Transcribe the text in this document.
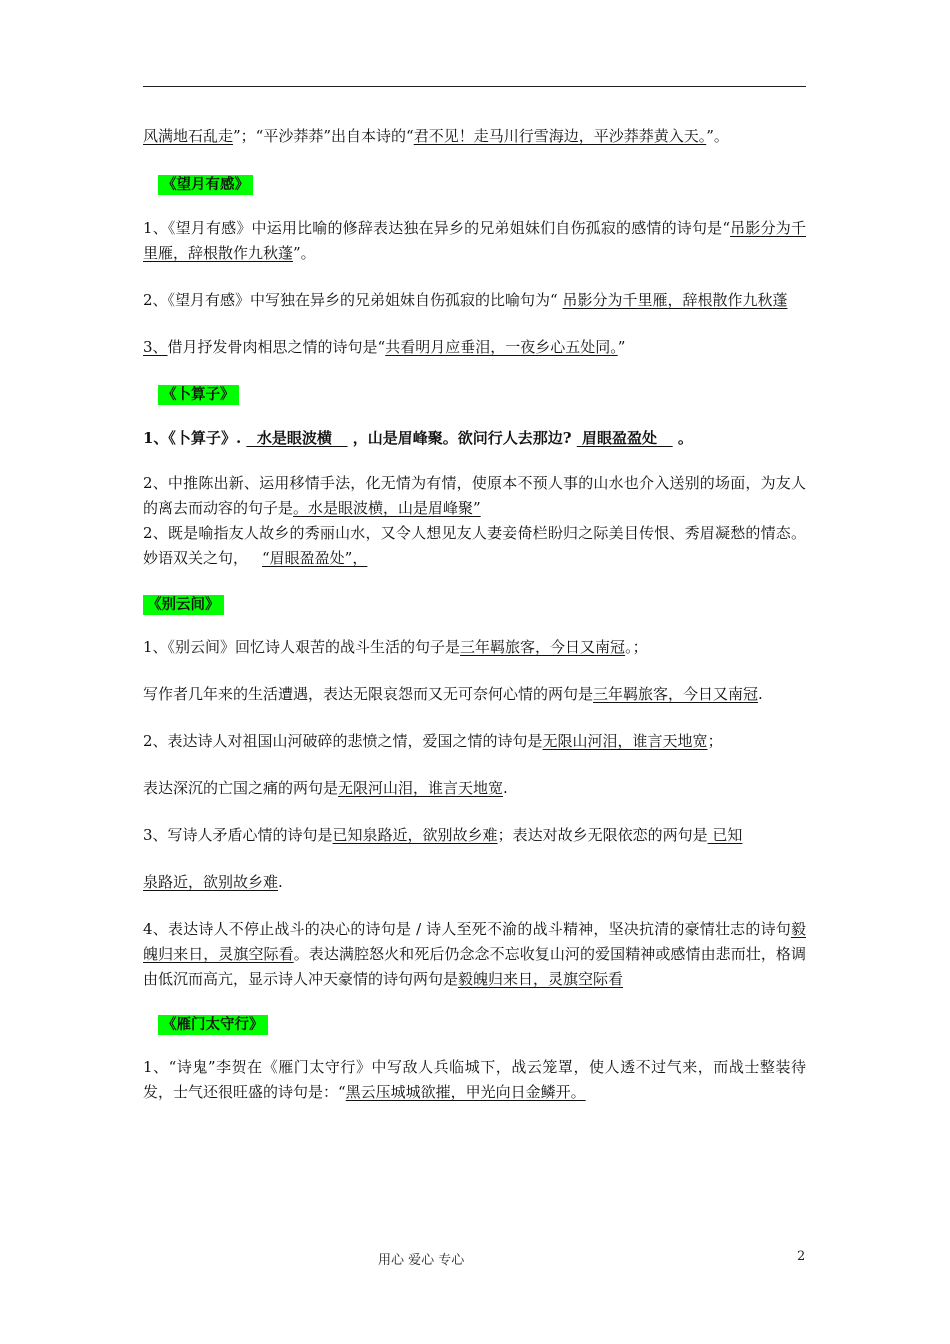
风满地石乱走”；“平沙莽莽”出自本诗的“君不见！走马川行雪海边，平沙莽莽黄入天。”。

《望月有感》

1、《望月有感》中运用比喻的修辞表达独在异乡的兄弟姐妹们自伤孤寂的感情的诗句是“吊影分为千里雁，辞根散作九秋蓬”。

2、《望月有感》中写独在异乡的兄弟姐妹自伤孤寂的比喻句为“ 吊影分为千里雁，辞根散作九秋蓬

3、借月抒发骨肉相思之情的诗句是“共看明月应垂泪，一夜乡心五处同。”

《卜算子》

1、《卜算子》.   水是眼波横    ，山是眉峰聚。欲问行人去那边?  眉眼盈盈处    。

2、中推陈出新、运用移情手法，化无情为有情，使原本不预人事的山水也介入送别的场面，为友人的离去而动容的句子是。水是眼波横，山是眉峰聚”

2、既是喻指友人故乡的秀丽山水，又令人想见友人妻妾倚栏盼归之际美目传恨、秀眉凝愁的情态。妙语双关之句， “眉眼盈盈处”，

《别云间》

1、《别云间》回忆诗人艰苦的战斗生活的句子是三年羁旅客，今日又南冠。；

写作者几年来的生活遭遇，表达无限哀怨而又无可奈何心情的两句是三年羁旅客，今日又南冠.

2、表达诗人对祖国山河破碎的悲愤之情，爱国之情的诗句是无限山河泪，谁言天地宽；

表达深沉的亡国之痛的两句是无限河山泪，谁言天地宽.

3、写诗人矛盾心情的诗句是已知泉路近，欲别故乡难；表达对故乡无限依恋的两句是 已知

泉路近，欲别故乡难.

4、表达诗人不停止战斗的决心的诗句是 / 诗人至死不渝的战斗精神，坚决抗清的豪情壮志的诗句毅魄归来日，灵旗空际看。表达满腔怒火和死后仍念念不忘收复山河的爱国精神或感情由悲而壮，格调由低沉而高亢，显示诗人冲天豪情的诗句两句是毅魄归来日，灵旗空际看

《雁门太守行》

1、“诗鬼”李贺在《雁门太守行》中写敌人兵临城下，战云笼罩，使人透不过气来，而战士整装待发，士气还很旺盛的诗句是：“黑云压城城欲摧，甲光向日金鳞开。

用心 爱心 专心	2
